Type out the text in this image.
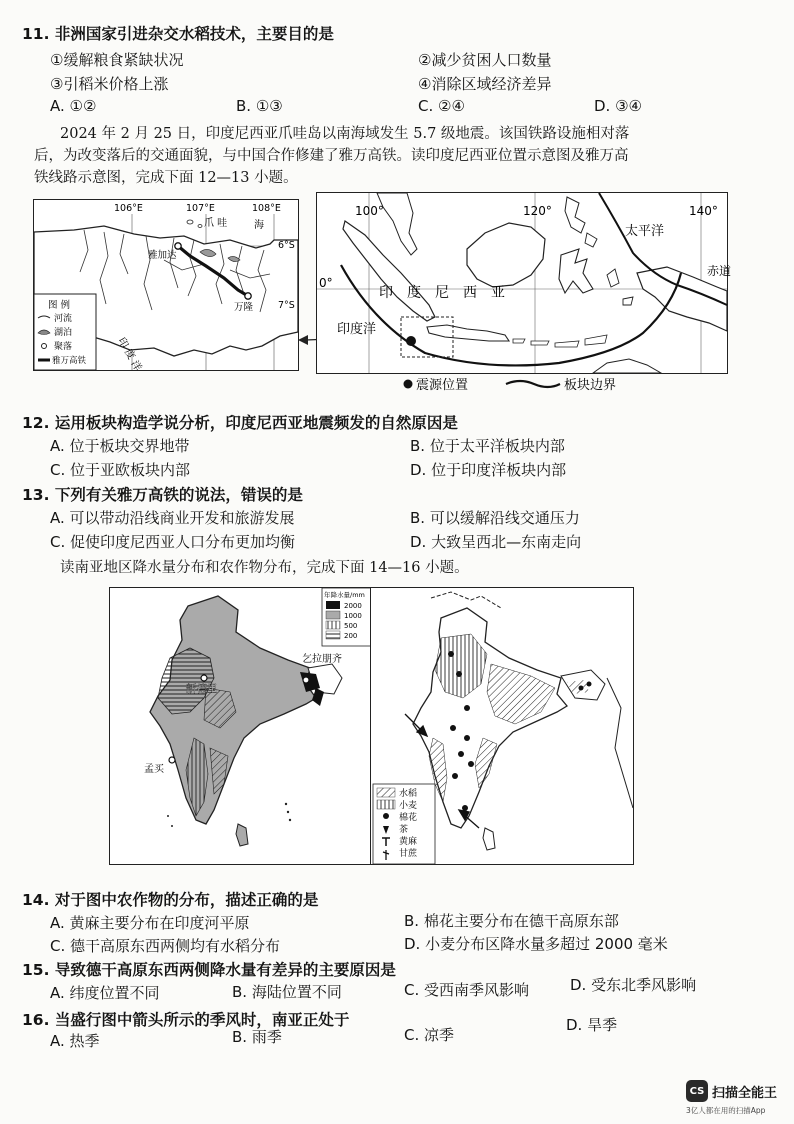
11. 非洲国家引进杂交水稻技术，主要目的是
①缓解粮食紧缺状况	②减少贫困人口数量
③引稻米价格上涨	④消除区域经济差异
A. ①②	B. ①③	C. ②④	D. ③④
2024 年 2 月 25 日，印度尼西亚爪哇岛以南海域发生 5.7 级地震。该国铁路设施相对落
后，为改变落后的交通面貌，与中国合作修建了雅万高铁。读印度尼西亚位置示意图及雅万高
铁线路示意图，完成下面 12—13 小题。
106°E	107°E	108°E
6°S
7°S
爪 哇	海
雅加达
万隆
印 度 洋
图 例
河流
湖泊
聚落
雅万高铁
100°	120°	140°
0°
太平洋
赤道
印　度　尼　西　亚
印度洋
震源位置	板块边界
12. 运用板块构造学说分析，印度尼西亚地震频发的自然原因是
A. 位于板块交界地带	B. 位于太平洋板块内部
C. 位于亚欧板块内部	D. 位于印度洋板块内部
13. 下列有关雅万高铁的说法，错误的是
A. 可以带动沿线商业开发和旅游发展	B. 可以缓解沿线交通压力
C. 促使印度尼西亚人口分布更加均衡	D. 大致呈西北—东南走向
读南亚地区降水量分布和农作物分布，完成下面 14—16 小题。
新德里
孟买
乞拉朋齐
年降水量/mm
2000
1000
500
200
水稻
小麦
棉花
茶
黄麻
甘蔗
14. 对于图中农作物的分布，描述正确的是
A. 黄麻主要分布在印度河平原	B. 棉花主要分布在德干高原东部
C. 德干高原东西两侧均有水稻分布	D. 小麦分布区降水量多超过 2000 毫米
15. 导致德干高原东西两侧降水量有差异的主要原因是
A. 纬度位置不同	B. 海陆位置不同	C. 受西南季风影响	D. 受东北季风影响
16. 当盛行图中箭头所示的季风时，南亚正处于
A. 热季	B. 雨季	C. 凉季
D. 旱季
CS 扫描全能王
3亿人都在用的扫描App
